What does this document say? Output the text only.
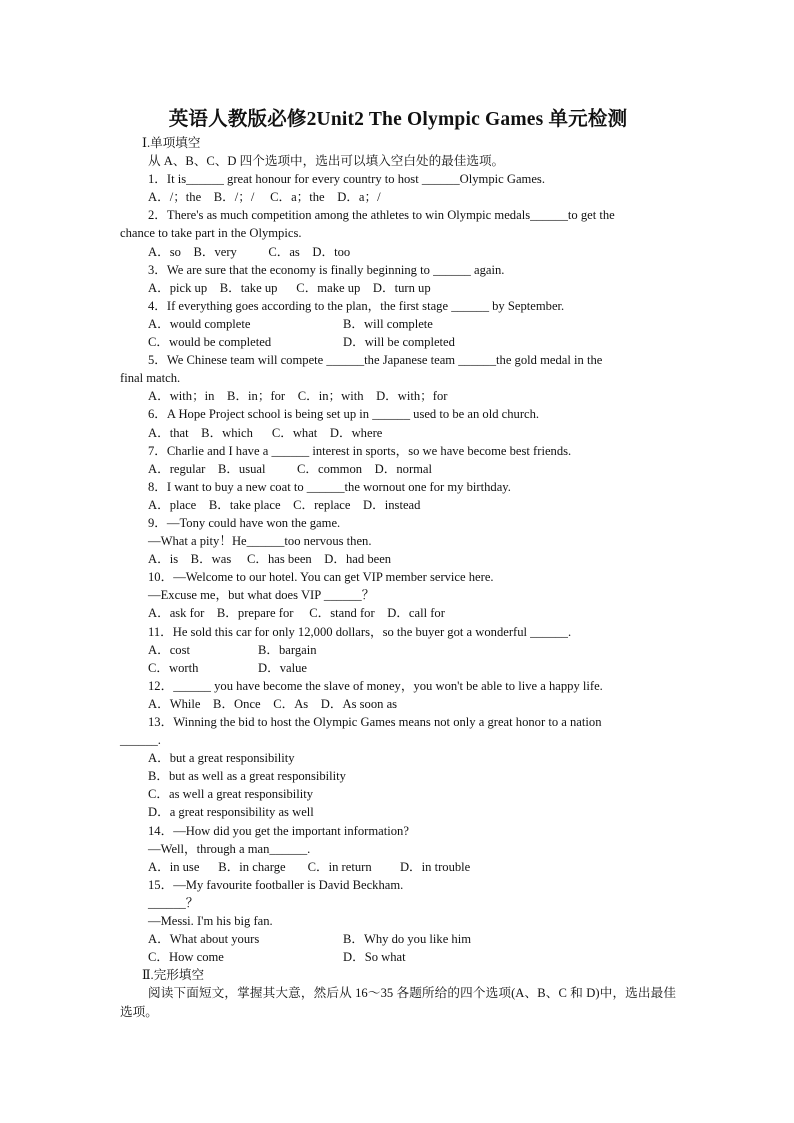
英语人教版必修2Unit2 The Olympic Games 单元检测
Ⅰ.单项填空
从 A、B、C、D 四个选项中，选出可以填入空白处的最佳选项。
1．It is______ great honour for every country to host ______Olympic Games.
A．/；the    B．/；/     C．a；the    D．a；/
2．There's as much competition among the athletes to win Olympic medals______to get the
chance to take part in the Olympics.
A．so    B．very          C．as    D．too
3．We are sure that the economy is finally beginning to ______ again.
A．pick up    B．take up      C．make up    D．turn up
4．If everything goes according to the plan，the first stage ______ by September.
A．would complete	B．will complete
C．would be completed	D．will be completed
5．We Chinese team will compete ______the Japanese team ______the gold medal in the
final match.
A．with；in    B．in；for    C．in；with    D．with；for
6．A Hope Project school is being set up in ______ used to be an old church.
A．that    B．which      C．what    D．where
7．Charlie and I have a ______ interest in sports，so we have become best friends.
A．regular    B．usual          C．common    D．normal
8．I want to buy a new coat to ______the wornout one for my birthday.
A．place    B．take place    C．replace    D．instead
9．—Tony could have won the game.
—What a pity！He______too nervous then.
A．is    B．was     C．has been    D．had been
10．—Welcome to our hotel. You can get VIP member service here.
—Excuse me，but what does VIP ______？
A．ask for    B．prepare for     C．stand for    D．call for
11．He sold this car for only 12,000 dollars，so the buyer got a wonderful ______.
A．cost	B．bargain
C．worth	D．value
12．______ you have become the slave of money，you won't be able to live a happy life.
A．While    B．Once    C．As    D．As soon as
13．Winning the bid to host the Olympic Games means not only a great honor to a nation
______.
A．but a great responsibility
B．but as well as a great responsibility
C．as well a great responsibility
D．a great responsibility as well
14．—How did you get the important information?
—Well，through a man______.
A．in use      B．in charge       C．in return         D．in trouble
15．—My favourite footballer is David Beckham.
______？
—Messi. I'm his big fan.
A．What about yours	B．Why do you like him
C．How come	D．So what
Ⅱ.完形填空
阅读下面短文，掌握其大意，然后从 16～35 各题所给的四个选项(A、B、C 和 D)中，选出最佳选项。
